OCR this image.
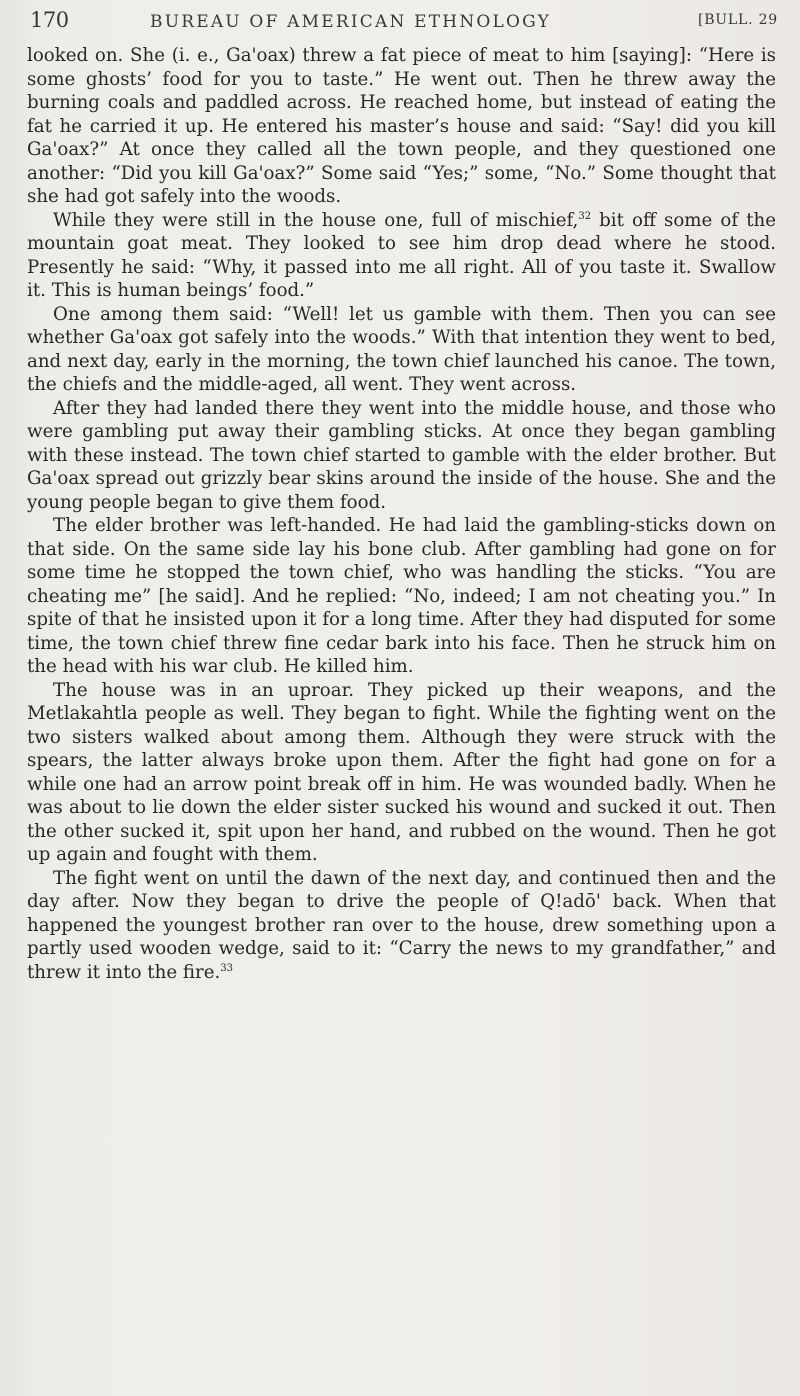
170	BUREAU OF AMERICAN ETHNOLOGY	[BULL. 29

looked on. She (i. e., Ga'oax) threw a fat piece of meat to him [saying]: “Here is some ghosts’ food for you to taste.” He went out. Then he threw away the burning coals and paddled across. He reached home, but instead of eating the fat he carried it up. He entered his master’s house and said: “Say! did you kill Ga'oax?” At once they called all the town people, and they questioned one another: “Did you kill Ga'oax?” Some said “Yes;” some, “No.” Some thought that she had got safely into the woods.

While they were still in the house one, full of mischief,$^{32}$ bit off some of the mountain goat meat. They looked to see him drop dead where he stood. Presently he said: “Why, it passed into me all right. All of you taste it. Swallow it. This is human beings’ food.”

One among them said: “Well! let us gamble with them. Then you can see whether Ga'oax got safely into the woods.” With that intention they went to bed, and next day, early in the morning, the town chief launched his canoe. The town, the chiefs and the middle-aged, all went. They went across.

After they had landed there they went into the middle house, and those who were gambling put away their gambling sticks. At once they began gambling with these instead. The town chief started to gamble with the elder brother. But Ga'oax spread out grizzly bear skins around the inside of the house. She and the young people began to give them food.

The elder brother was left-handed. He had laid the gambling-sticks down on that side. On the same side lay his bone club. After gambling had gone on for some time he stopped the town chief, who was handling the sticks. “You are cheating me” [he said]. And he replied: “No, indeed; I am not cheating you.” In spite of that he insisted upon it for a long time. After they had disputed for some time, the town chief threw fine cedar bark into his face. Then he struck him on the head with his war club. He killed him.

The house was in an uproar. They picked up their weapons, and the Metlakahtla people as well. They began to fight. While the fighting went on the two sisters walked about among them. Although they were struck with the spears, the latter always broke upon them. After the fight had gone on for a while one had an arrow point break off in him. He was wounded badly. When he was about to lie down the elder sister sucked his wound and sucked it out. Then the other sucked it, spit upon her hand, and rubbed on the wound. Then he got up again and fought with them.

The fight went on until the dawn of the next day, and continued then and the day after. Now they began to drive the people of Q!adō' back. When that happened the youngest brother ran over to the house, drew something upon a partly used wooden wedge, said to it: “Carry the news to my grandfather,” and threw it into the fire.$^{33}$
